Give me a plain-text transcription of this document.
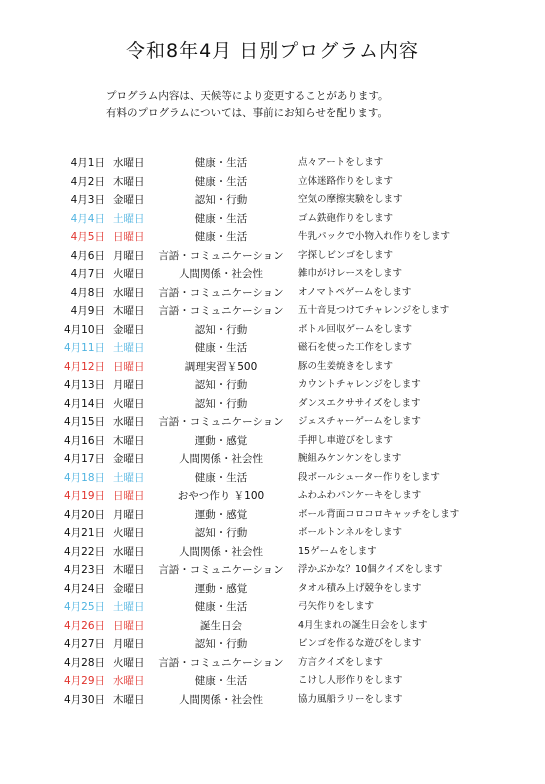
令和8年4月 日別プログラム内容
プログラム内容は、天候等により変更することがあります。
有料のプログラムについては、事前にお知らせを配ります。
4月1日 水曜日	健康・生活	点々アートをします
4月2日 木曜日	健康・生活	立体迷路作りをします
4月3日 金曜日	認知・行動	空気の摩擦実験をします
4月4日 土曜日	健康・生活	ゴム鉄砲作りをします
4月5日 日曜日	健康・生活	牛乳パックで小物入れ作りをします
4月6日 月曜日	言語・コミュニケーション	字探しビンゴをします
4月7日 火曜日	人間関係・社会性	雑巾がけレースをします
4月8日 水曜日	言語・コミュニケーション	オノマトペゲームをします
4月9日 木曜日	言語・コミュニケーション	五十音見つけてチャレンジをします
4月10日 金曜日	認知・行動	ボトル回収ゲームをします
4月11日 土曜日	健康・生活	磁石を使った工作をします
4月12日 日曜日	調理実習￥500	豚の生姜焼きをします
4月13日 月曜日	認知・行動	カウントチャレンジをします
4月14日 火曜日	認知・行動	ダンスエクササイズをします
4月15日 水曜日	言語・コミュニケーション	ジェスチャーゲームをします
4月16日 木曜日	運動・感覚	手押し車遊びをします
4月17日 金曜日	人間関係・社会性	腕組みケンケンをします
4月18日 土曜日	健康・生活	段ボールシューター作りをします
4月19日 日曜日	おやつ作り ￥100	ふわふわパンケーキをします
4月20日 月曜日	運動・感覚	ボール背面コロコロキャッチをします
4月21日 火曜日	認知・行動	ボールトンネルをします
4月22日 水曜日	人間関係・社会性	15ゲームをします
4月23日 木曜日	言語・コミュニケーション	浮かぶかな？10個クイズをします
4月24日 金曜日	運動・感覚	タオル積み上げ競争をします
4月25日 土曜日	健康・生活	弓矢作りをします
4月26日 日曜日	誕生日会	4月生まれの誕生日会をします
4月27日 月曜日	認知・行動	ビンゴを作るな遊びをします
4月28日 火曜日	言語・コミュニケーション	方言クイズをします
4月29日 水曜日	健康・生活	こけし人形作りをします
4月30日 木曜日	人間関係・社会性	協力風船ラリーをします
